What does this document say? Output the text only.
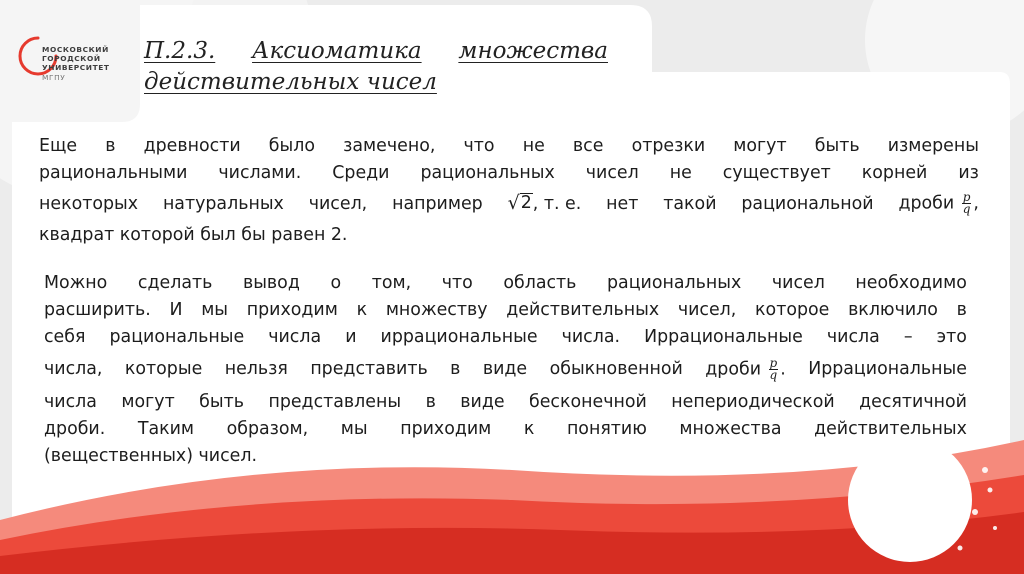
МОСКОВСКИЙ
ГОРОДСКОЙ
УНИВЕРСИТЕТ
МГПУ
П.2.3. Аксиоматика множества
действительных чисел
Еще в древности было замечено, что не все отрезки могут быть измерены
рациональными числами. Среди рациональных чисел не существует корней из
некоторых натуральных чисел, например √ 2 , т. е. нет такой рациональной дроби $\frac{p}{q}$ ,
квадрат которой был бы равен 2.
Можно сделать вывод о том, что область рациональных чисел необходимо
расширить. И мы приходим к множеству действительных чисел, которое включило в
себя рациональные числа и иррациональные числа. Иррациональные числа – это
числа, которые нельзя представить в виде обыкновенной дроби $\frac{p}{q}$ . Иррациональные
числа могут быть представлены в виде бесконечной непериодической десятичной
дроби. Таким образом, мы приходим к понятию множества действительных
(вещественных) чисел.
